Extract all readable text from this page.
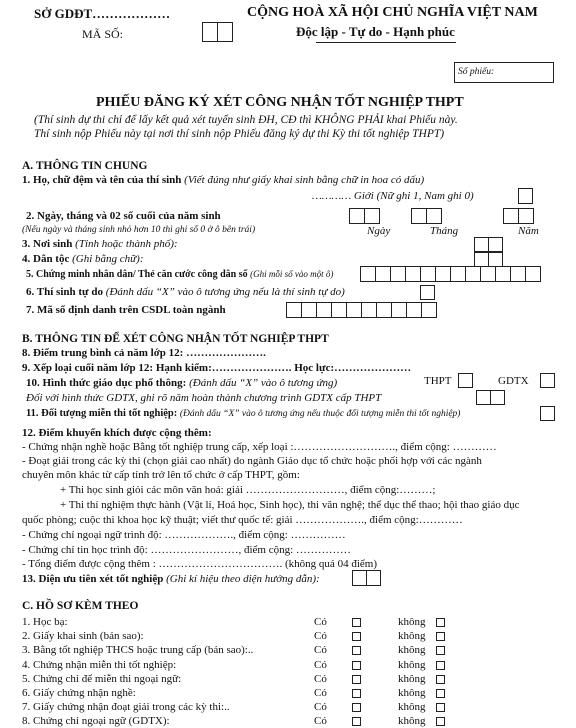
SỞ GDĐT………………
MÃ SỐ:
CỘNG HOÀ XÃ HỘI CHỦ NGHĨA VIỆT NAM
Độc lập - Tự do - Hạnh phúc
Số phiếu:
PHIẾU ĐĂNG KÝ XÉT CÔNG NHẬN TỐT NGHIỆP THPT
(Thí sinh dự thi chỉ để lấy kết quả xét tuyển sinh ĐH, CĐ thì KHÔNG PHẢI khai Phiếu này.
Thí sinh nộp Phiếu này tại nơi thí sinh nộp Phiếu đăng ký dự thi Kỳ thi tốt nghiệp THPT)
A. THÔNG TIN CHUNG
1. Họ, chữ đệm và tên của thí sinh (Viết đúng như giấy khai sinh bằng chữ in hoa có dấu)
………… Giới (Nữ ghi 1, Nam ghi 0)
2. Ngày, tháng và 02 số cuối của năm sinh
(Nếu ngày và tháng sinh nhỏ hơn 10 thì ghi số 0 ở ô bên trái)	Ngày	Tháng	Năm
3. Nơi sinh (Tỉnh hoặc thành phố):
4. Dân tộc (Ghi bằng chữ):
5. Chứng minh nhân dân/ Thẻ căn cước công dân số (Ghi mỗi số vào một ô)
6. Thí sinh tự do (Đánh dấu “X” vào ô tương ứng nếu là thí sinh tự do)
7. Mã số định danh trên CSDL toàn ngành
B. THÔNG TIN ĐỂ XÉT CÔNG NHẬN TỐT NGHIỆP THPT
8. Điểm trung bình cả năm lớp 12: ………………….
9. Xếp loại cuối năm lớp 12: Hạnh kiểm:…………………. Học lực:…………………
10. Hình thức giáo dục phổ thông: (Đánh dấu “X” vào ô tương ứng)	THPT	GDTX
Đối với hình thức GDTX, ghi rõ năm hoàn thành chương trình GDTX cấp THPT
11. Đối tượng miễn thi tốt nghiệp: (Đánh dấu “X” vào ô tương ứng nếu thuộc đối tượng miễn thi tốt nghiệp)
12. Điểm khuyến khích được cộng thêm:
- Chứng nhận nghề hoặc Bằng tốt nghiệp trung cấp, xếp loại :………………………., điểm cộng: …………
- Đoạt giải trong các kỳ thi (chọn giải cao nhất) do ngành Giáo dục tổ chức hoặc phối hợp với các ngành
chuyên môn khác từ cấp tỉnh trở lên tổ chức ở cấp THPT, gồm:
+ Thi học sinh giỏi các môn văn hoá: giải ………………………, điểm cộng:………;
+ Thi thí nghiệm thực hành (Vật lí, Hoá học, Sinh học), thi văn nghệ; thể dục thể thao; hội thao giáo dục
quốc phòng; cuộc thi khoa học kỹ thuật; viết thư quốc tế: giải ………………., điểm cộng:…………
- Chứng chỉ ngoại ngữ trình độ: ………………., điểm cộng: ……………
- Chứng chỉ tin học trình độ: ……………………, điểm cộng: ……………
- Tổng điểm được cộng thêm : ……………………………. (không quá 04 điểm)
13. Diện ưu tiên xét tốt nghiệp (Ghi kí hiệu theo diện hướng dẫn):
C. HỒ SƠ KÈM THEO
1. Học bạ:	Có	không
2. Giấy khai sinh (bản sao):	Có	không
3. Bằng tốt nghiệp THCS hoặc trung cấp (bản sao):..	Có	không
4. Chứng nhận miễn thi tốt nghiệp:	Có	không
5. Chứng chỉ để miễn thi ngoại ngữ:	Có	không
6. Giấy chứng nhận nghề:	Có	không
7. Giấy chứng nhận đoạt giải trong các kỳ thi:..	Có	không
8. Chứng chỉ ngoại ngữ (GDTX):	Có	không
